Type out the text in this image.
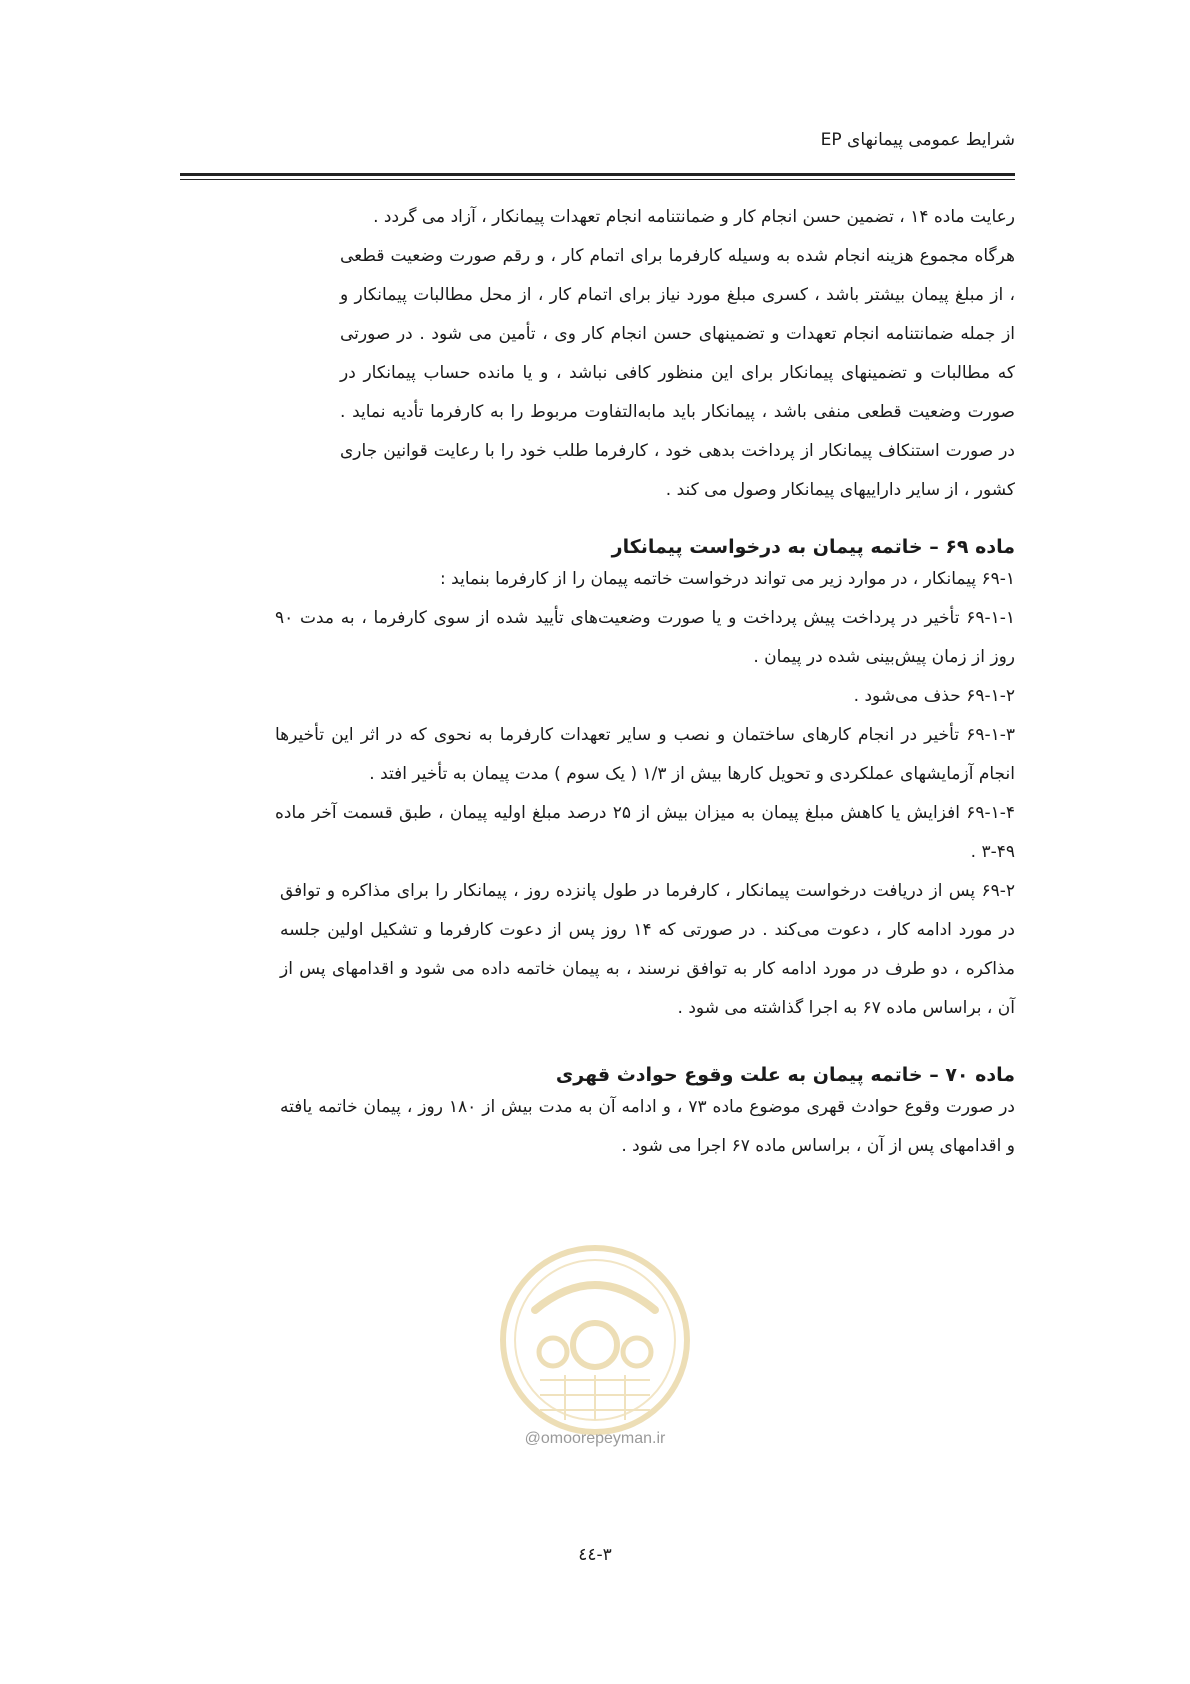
شرایط عمومی پیمانهای EP

رعایت ماده ۱۴ ، تضمین حسن انجام کار و ضمانتنامه انجام تعهدات پیمانکار ، آزاد می گردد .

هرگاه مجموع هزینه انجام شده به وسیله کارفرما برای اتمام کار ، و رقم صورت وضعیت قطعی ، از مبلغ پیمان بیشتر باشد ، کسری مبلغ مورد نیاز برای اتمام کار ، از محل مطالبات پیمانکار و از جمله ضمانتنامه انجام تعهدات و تضمینهای حسن انجام کار وی ، تأمین می شود . در صورتی که مطالبات و تضمینهای پیمانکار برای این منظور کافی نباشد ، و یا مانده حساب پیمانکار در صورت وضعیت قطعی منفی باشد ، پیمانکار باید مابه‌التفاوت مربوط را به کارفرما تأدیه نماید . در صورت استنکاف پیمانکار از پرداخت بدهی خود ، کارفرما طلب خود را با رعایت قوانین جاری کشور ، از سایر داراییهای پیمانکار وصول می کند .

ماده ۶۹ – خاتمه پیمان به درخواست پیمانکار

۶۹-۱ پیمانکار ، در موارد زیر می تواند درخواست خاتمه پیمان را از کارفرما بنماید :

۶۹-۱-۱ تأخیر در پرداخت پیش پرداخت و یا صورت وضعیت‌های تأیید شده از سوی کارفرما ، به مدت ۹۰ روز از زمان پیش‌بینی شده در پیمان .

۶۹-۱-۲ حذف می‌شود .

۶۹-۱-۳ تأخیر در انجام کارهای ساختمان و نصب و سایر تعهدات کارفرما به نحوی که در اثر این تأخیرها انجام آزمایشهای عملکردی و تحویل کارها بیش از ۱/۳ ( یک سوم ) مدت پیمان به تأخیر افتد .

۶۹-۱-۴ افزایش یا کاهش مبلغ پیمان به میزان بیش از ۲۵ درصد مبلغ اولیه پیمان ، طبق قسمت آخر ماده ۴۹-۳ .

۶۹-۲ پس از دریافت درخواست پیمانکار ، کارفرما در طول پانزده روز ، پیمانکار را برای مذاکره و توافق در مورد ادامه کار ، دعوت می‌کند . در صورتی که ۱۴ روز پس از دعوت کارفرما و تشکیل اولین جلسه مذاکره ، دو طرف در مورد ادامه کار به توافق نرسند ، به پیمان خاتمه داده می شود و اقدامهای پس از آن ، براساس ماده ۶۷ به اجرا گذاشته می شود .

ماده ۷۰ – خاتمه پیمان به علت وقوع حوادث قهری

در صورت وقوع حوادث قهری موضوع ماده ۷۳ ، و ادامه آن به مدت بیش از ۱۸۰ روز ، پیمان خاتمه یافته و اقدامهای پس از آن ، براساس ماده ۶۷ اجرا می شود .

@omoorepeyman.ir
۳-٤٤
